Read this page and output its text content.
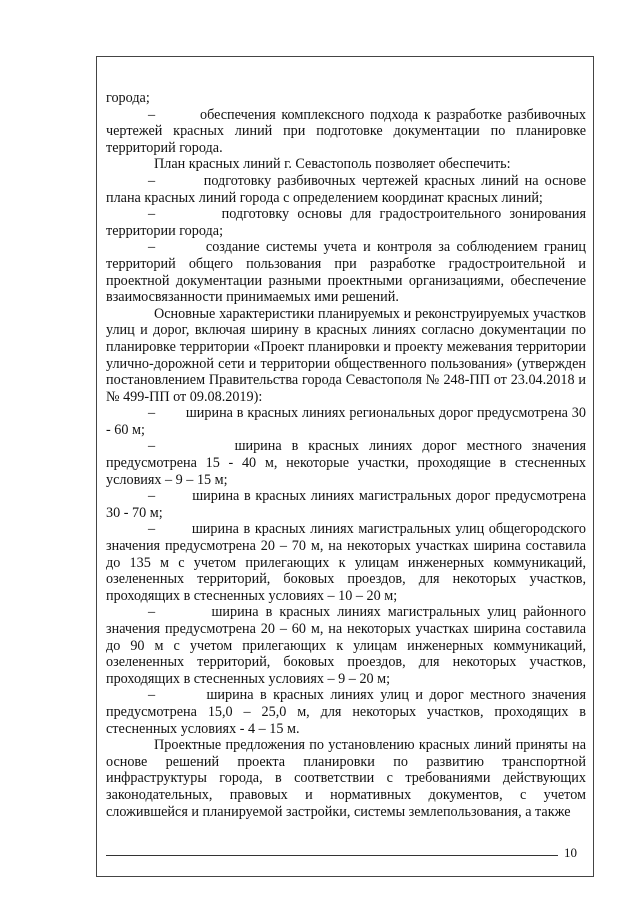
города;

–        обеспечения комплексного подхода к разработке разбивочных чертежей красных линий при подготовке документации по планировке территорий города.

План красных линий г. Севастополь позволяет обеспечить:

–        подготовку разбивочных чертежей красных линий на основе плана красных линий города с определением координат красных линий;

–        подготовку основы для градостроительного зонирования территории города;

–        создание системы учета и контроля за соблюдением границ территорий общего пользования при разработке градостроительной и проектной документации разными проектными организациями, обеспечение взаимосвязанности принимаемых ими решений.

Основные характеристики планируемых и реконструируемых участков улиц и дорог, включая ширину в красных линиях согласно документации по планировке территории «Проект планировки и проекту межевания территории улично-дорожной сети и территории общественного пользования» (утвержден постановлением Правительства города Севастополя № 248-ПП от 23.04.2018 и № 499-ПП от 09.08.2019):

–        ширина в красных линиях региональных дорог предусмотрена 30 - 60 м;

–        ширина в красных линиях дорог местного значения предусмотрена 15 - 40 м, некоторые участки, проходящие в стесненных условиях – 9 – 15 м;

–        ширина в красных линиях магистральных дорог предусмотрена 30 - 70 м;

–        ширина в красных линиях магистральных улиц общегородского значения предусмотрена 20 – 70 м, на некоторых участках ширина составила до 135 м с учетом прилегающих к улицам инженерных коммуникаций, озелененных территорий, боковых проездов, для некоторых участков, проходящих в стесненных условиях – 10 – 20 м;

–        ширина в красных линиях магистральных улиц районного значения предусмотрена 20 – 60 м, на некоторых участках ширина составила до 90 м с учетом прилегающих к улицам инженерных коммуникаций, озелененных территорий, боковых проездов, для некоторых участков, проходящих в стесненных условиях – 9 – 20 м;

–        ширина в красных линиях улиц и дорог местного значения предусмотрена 15,0 – 25,0 м, для некоторых участков, проходящих в стесненных условиях - 4 – 15 м.

Проектные предложения по установлению красных линий приняты на основе решений проекта планировки по развитию транспортной инфраструктуры города, в соответствии с требованиями действующих законодательных, правовых и нормативных документов, с учетом сложившейся и планируемой застройки, системы землепользования, а также

10
